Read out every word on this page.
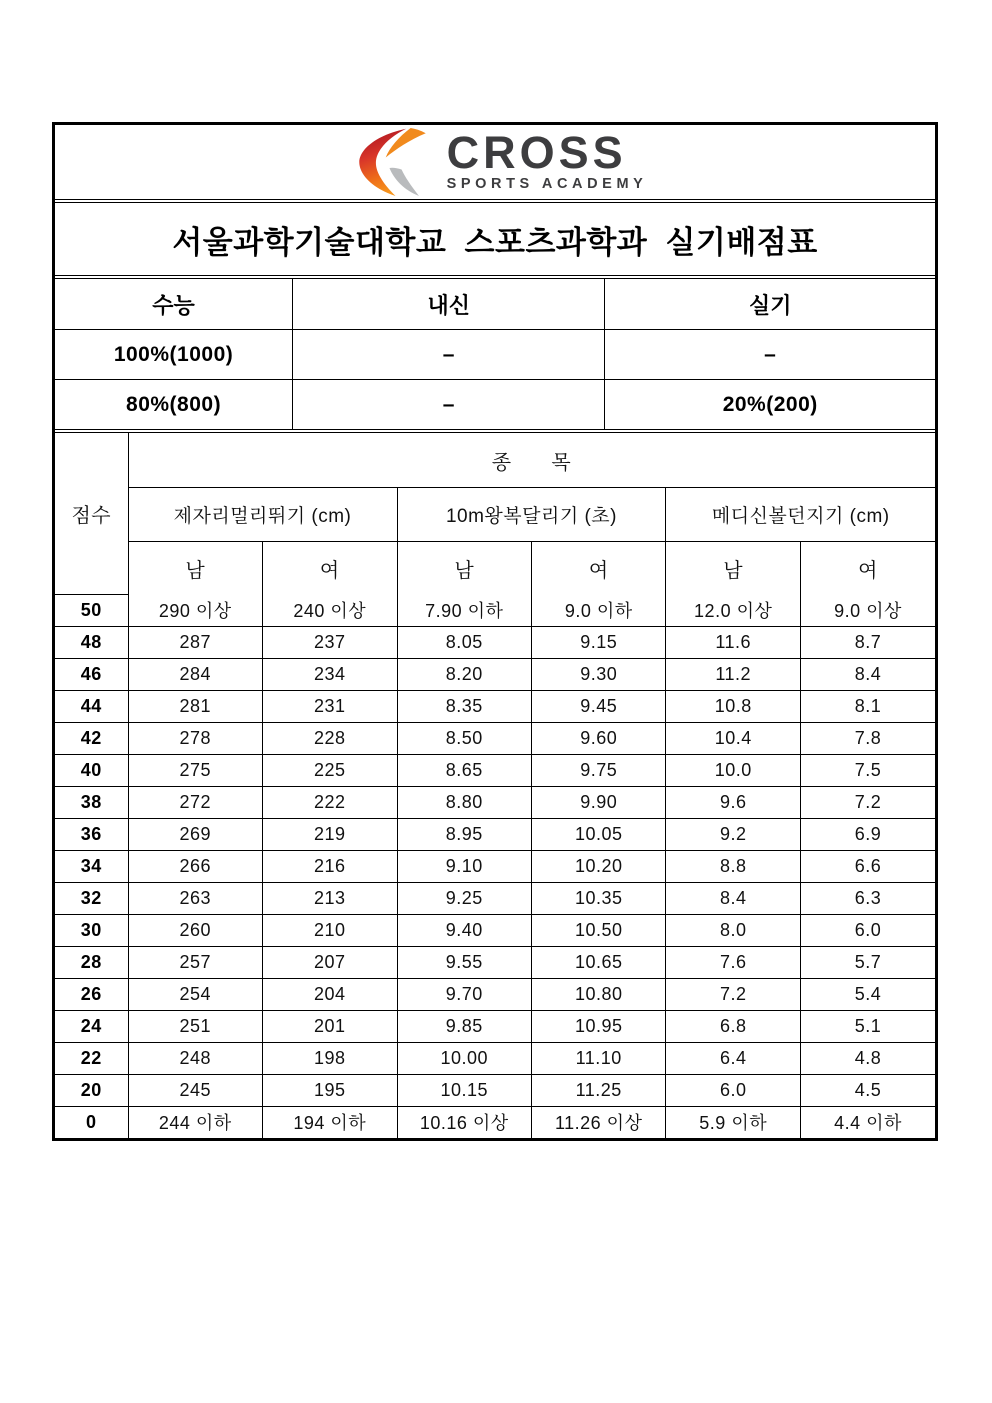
CROSS
SPORTS ACADEMY
서울과학기술대학교  스포츠과학과  실기배점표
수능	내신	실기
100%(1000)	–	–
80%(800)	–	20%(200)
점수	종      목					
	제자리멀리뛰기 (cm)		10m왕복달리기 (초)		메디신볼던지기 (cm)	
	남	여	남	여	남	여
50	290 이상	240 이상	7.90 이하	9.0 이하	12.0 이상	9.0 이상
48	287	237	8.05	9.15	11.6	8.7
46	284	234	8.20	9.30	11.2	8.4
44	281	231	8.35	9.45	10.8	8.1
42	278	228	8.50	9.60	10.4	7.8
40	275	225	8.65	9.75	10.0	7.5
38	272	222	8.80	9.90	9.6	7.2
36	269	219	8.95	10.05	9.2	6.9
34	266	216	9.10	10.20	8.8	6.6
32	263	213	9.25	10.35	8.4	6.3
30	260	210	9.40	10.50	8.0	6.0
28	257	207	9.55	10.65	7.6	5.7
26	254	204	9.70	10.80	7.2	5.4
24	251	201	9.85	10.95	6.8	5.1
22	248	198	10.00	11.10	6.4	4.8
20	245	195	10.15	11.25	6.0	4.5
0	244 이하	194 이하	10.16 이상	11.26 이상	5.9 이하	4.4 이하
